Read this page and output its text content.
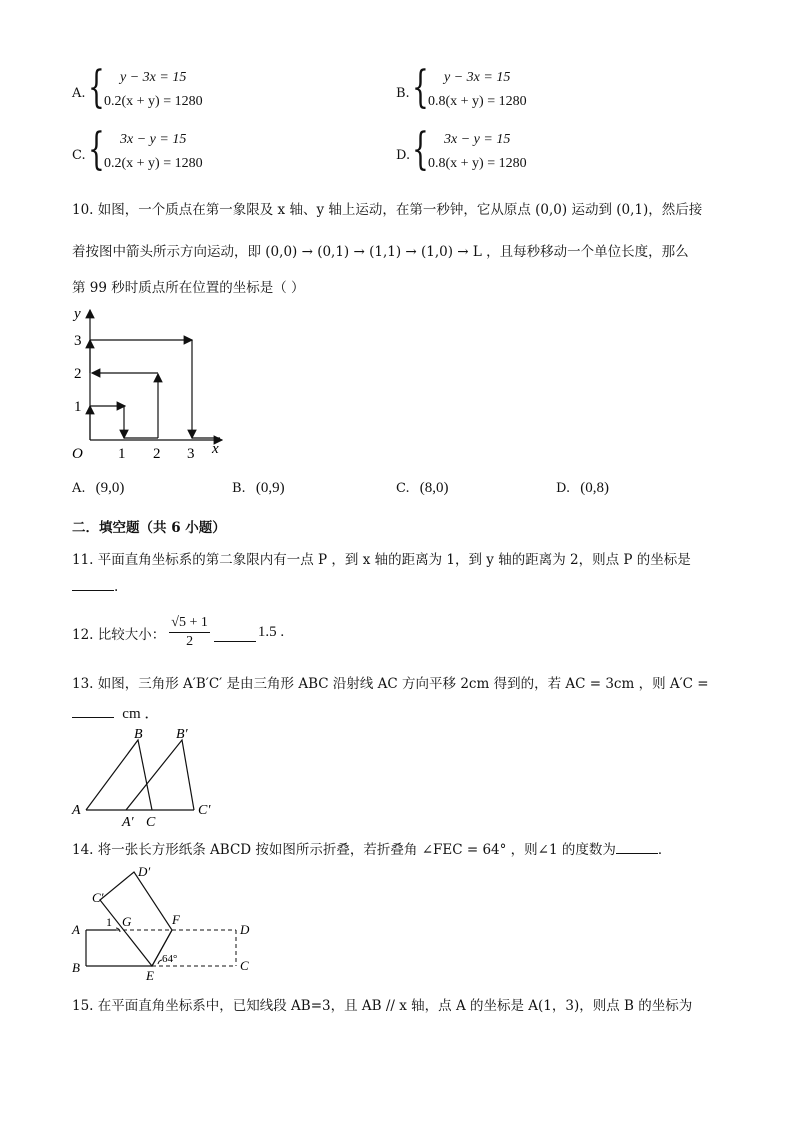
A. { y − 3x = 15
0.2(x + y) = 1280
B. { y − 3x = 15
0.8(x + y) = 1280
C. { 3x − y = 15
0.2(x + y) = 1280
D. { 3x − y = 15
0.8(x + y) = 1280
10. 如图，一个质点在第一象限及 x 轴、y 轴上运动，在第一秒钟，它从原点 (0,0) 运动到 (0,1)，然后接
着按图中箭头所示方向运动，即 (0,0) → (0,1) → (1,1) → (1,0) → L ，且每秒移动一个单位长度，那么
第 99 秒时质点所在位置的坐标是（ ）
y
x
O
1
2
3
1 2 3
A. (9,0)	B. (0,9)	C. (8,0)	D. (0,8)
二．填空题（共 6 小题）
11. 平面直角坐标系的第二象限内有一点 P ，到 x 轴的距离为 1，到 y 轴的距离为 2，则点 P 的坐标是
.
12. 比较大小： $\frac{√5 + 1}{2}$	1.5 .
13. 如图，三角形 A′B′C′ 是由三角形 ABC 沿射线 AC 方向平移 2cm 得到的，若 AC = 3cm ，则 A′C =
cm ．
B B′
A
A′ C
C′
14. 将一张长方形纸条 ABCD 按如图所示折叠，若折叠角 ∠FEC = 64° ，则∠1 的度数为	．
C′
D′
1 G	F
A
B
D
C
E
64°
15. 在平面直角坐标系中，已知线段 AB=3，且 AB // x 轴，点 A 的坐标是 A(1，3)，则点 B 的坐标为
